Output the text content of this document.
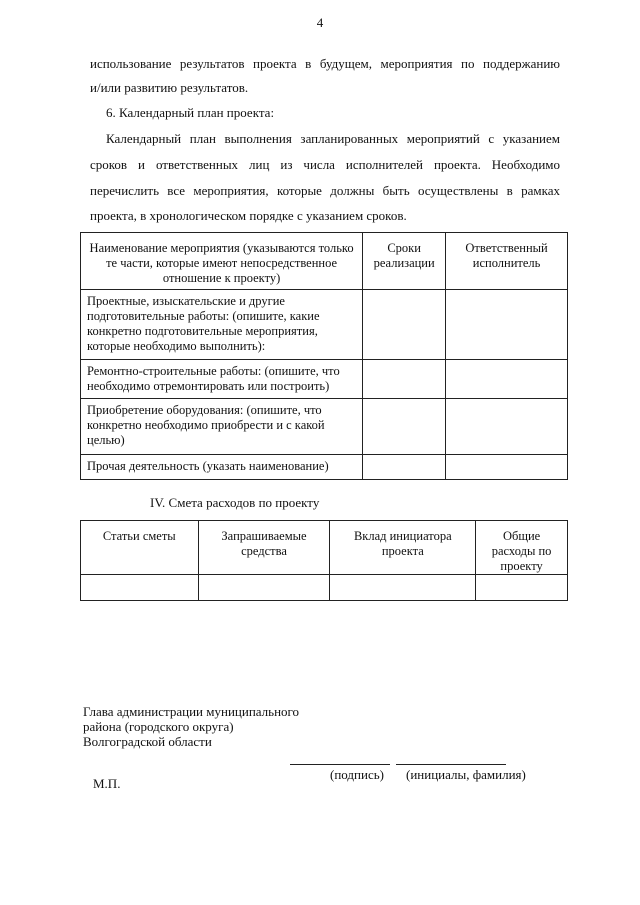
4
использование результатов проекта в будущем, мероприятия по поддержанию
и/или развитию результатов.
6. Календарный план проекта:
Календарный план выполнения запланированных мероприятий с указанием
сроков и ответственных лиц из числа исполнителей проекта. Необходимо
перечислить все мероприятия, которые должны быть осуществлены в рамках
проекта, в хронологическом порядке с указанием сроков.
Наименование мероприятия (указываются только те части, которые имеют непосредственное отношение к проекту)	Сроки реализации	Ответственный исполнитель
Проектные, изыскательские и другие подготовительные работы: (опишите, какие конкретно подготовительные мероприятия, которые необходимо выполнить):		
Ремонтно-строительные работы: (опишите, что необходимо отремонтировать или построить)		
Приобретение оборудования: (опишите, что конкретно необходимо приобрести и с какой целью)		
Прочая деятельность (указать наименование)		
IV. Смета расходов по проекту
Статьи сметы	Запрашиваемые средства	Вклад инициатора проекта	Общие расходы по проекту

Глава администрации муниципального
района (городского округа)
Волгоградской области
(подпись) (инициалы, фамилия)
М.П.
